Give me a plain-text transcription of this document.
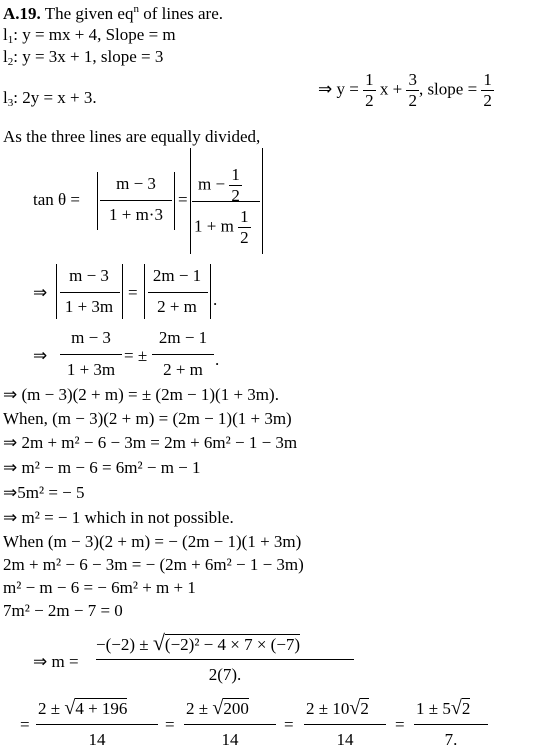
A.19. The given $eq^n$ of lines are.
$l_1$: y = mx + 4, Slope = m
$l_2$: y = 3x + 1, slope = 3
$l_3$: 2y = x + 3.	⇒ $y = \frac{1}{2}$ $x + \frac{3}{2}$ , slope = $\frac{1}{2}$
As the three lines are equally divided,
tan θ =
m − 3
1 + m·3
=
$m - \frac{1}{2}$
1 + m $\frac{1}{2}$
⇒
m − 3
1 + 3m
=
2m − 1
2 + m .
⇒
m − 3
1 + 3m
= ±
2m − 1
2 + m
.
⇒ (m − 3)(2 + m) = ± (2m − 1)(1 + 3m).
When, (m − 3)(2 + m) = (2m − 1)(1 + 3m)
⇒ 2m + m² − 6 − 3m = 2m + 6m² − 1 − 3m
⇒ m² − m − 6 = 6m² − m − 1
⇒5m² = − 5
⇒ m² = − 1 which in not possible.
When (m − 3)(2 + m) = − (2m − 1)(1 + 3m)
2m + m² − 6 − 3m = − (2m + 6m² − 1 − 3m)
m² − m − 6 = − 6m² + m + 1
7m² − 2m − 7 = 0
⇒ m =
−(−2) ± √(−2)² − 4 × 7 × (−7)
2(7).
=
2 ± √4 + 196
14
=
2 ± √200
14
=
2 ± 10√2
14
=
1 ± 5√2
7.
